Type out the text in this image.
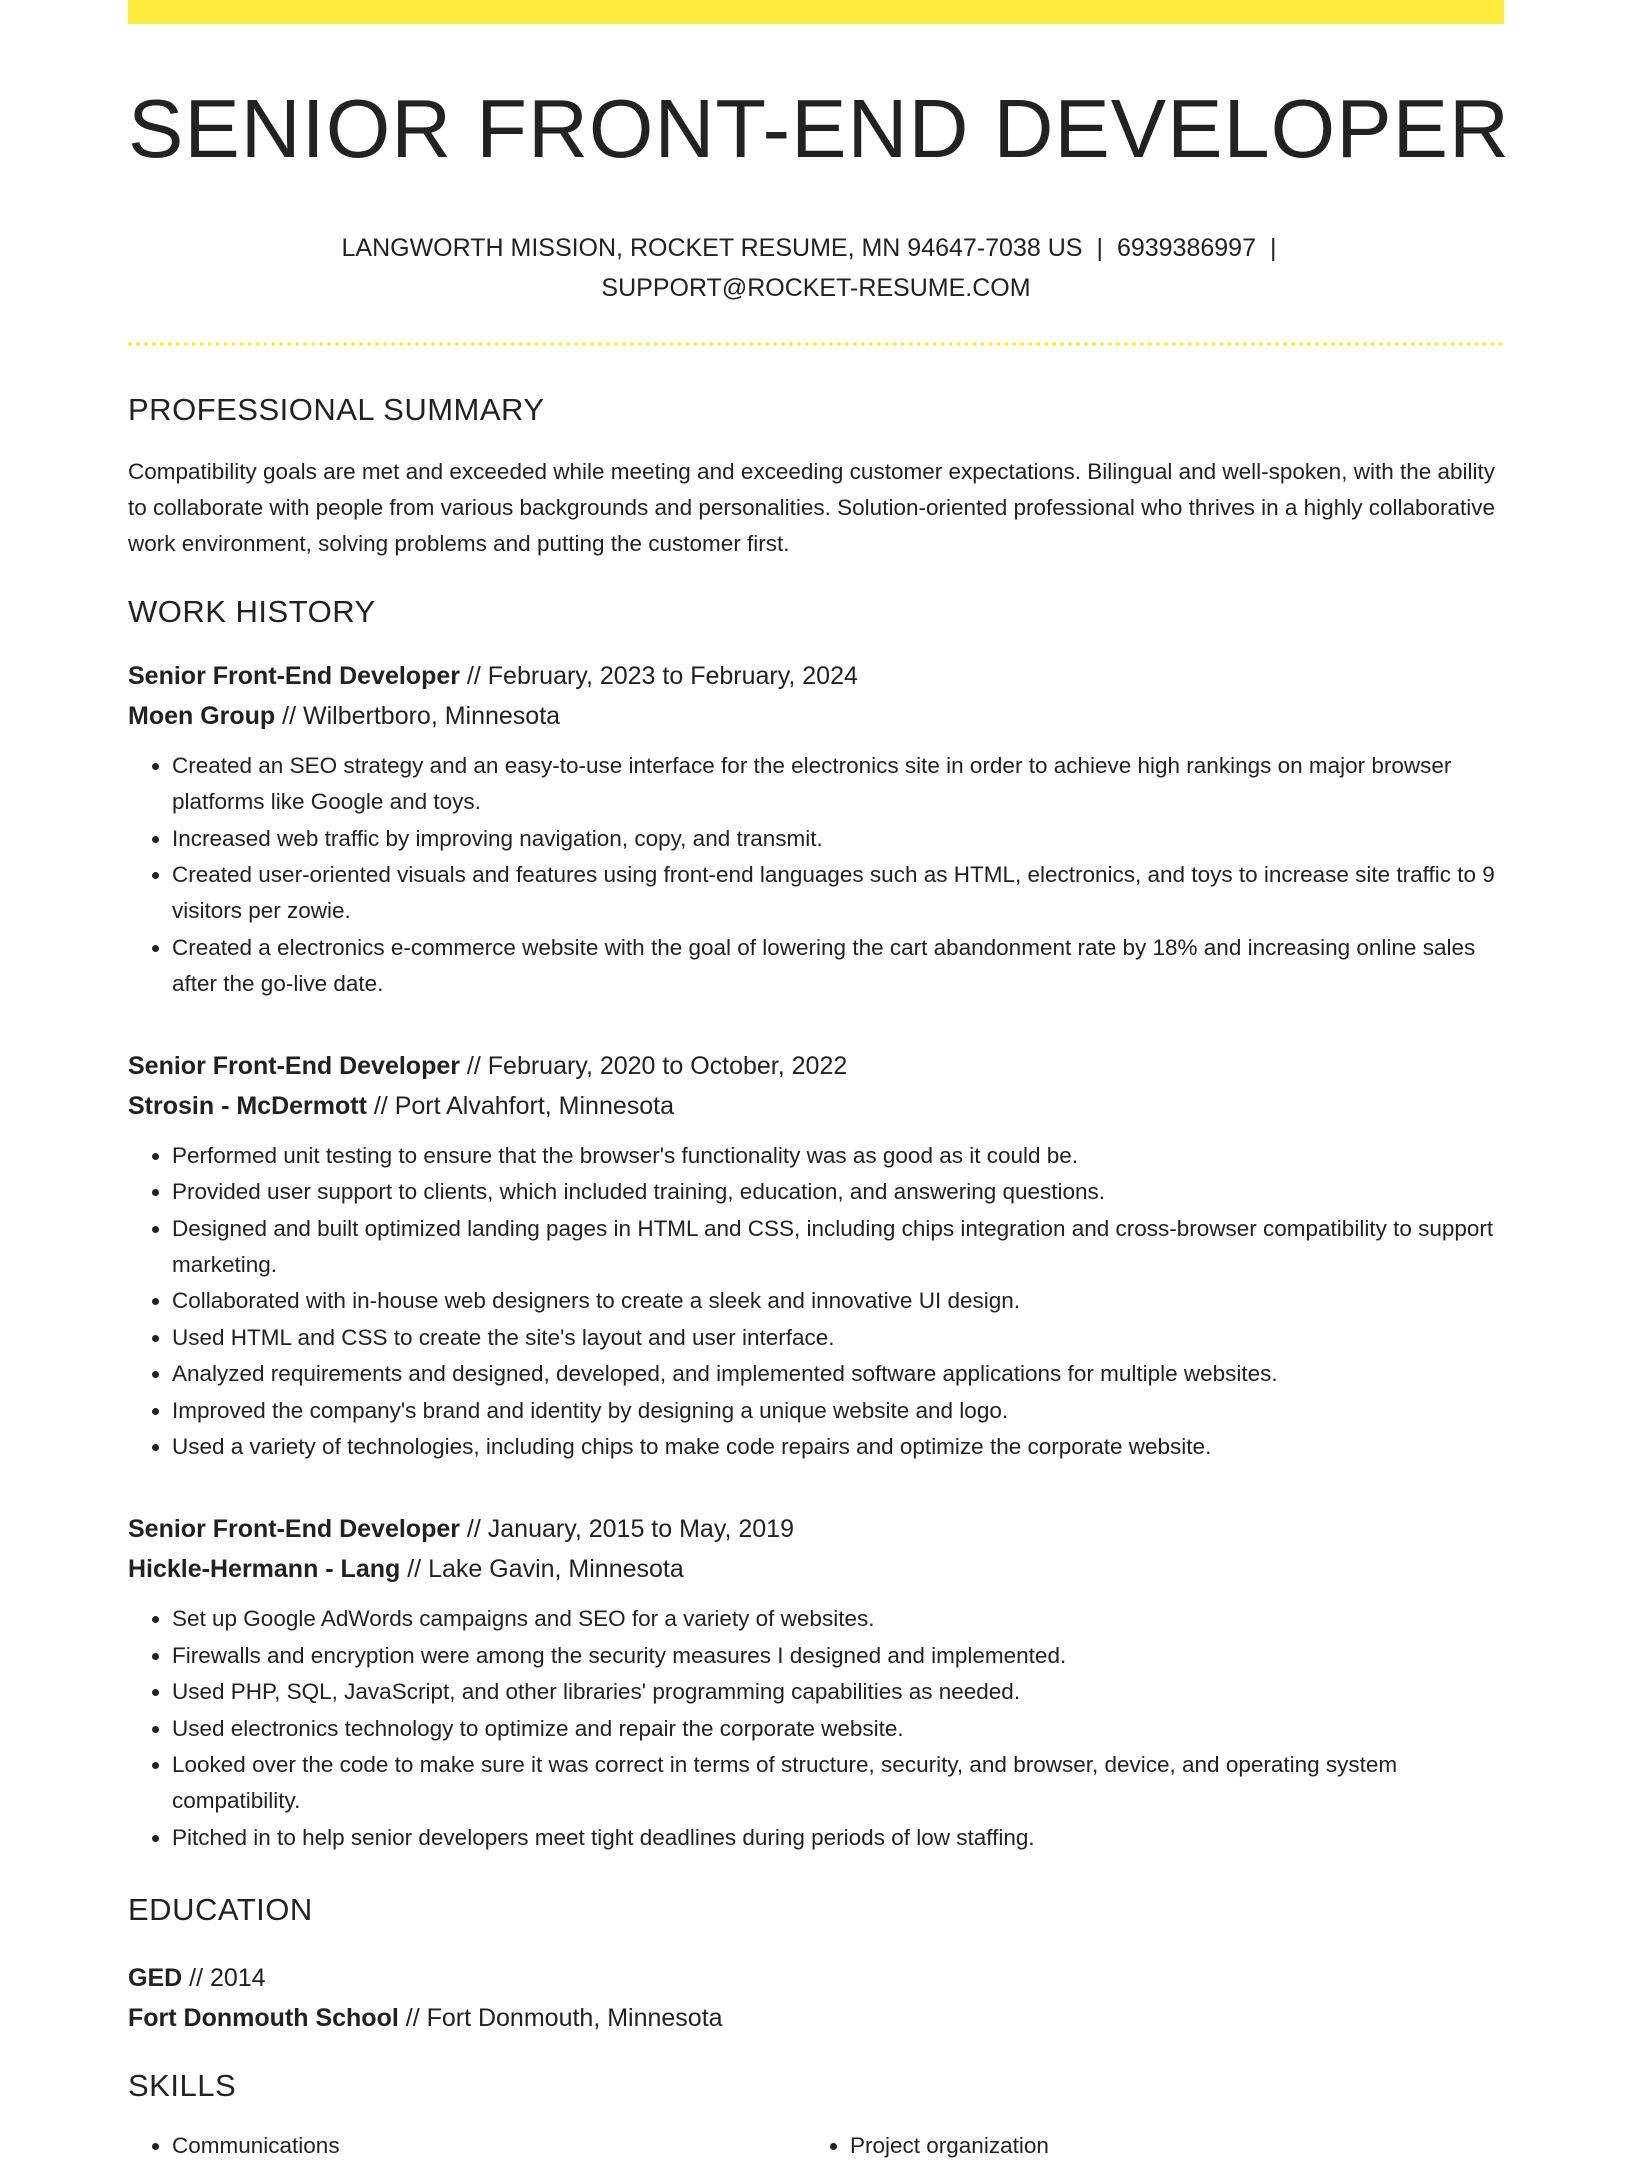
SENIOR FRONT-END DEVELOPER
LANGWORTH MISSION, ROCKET RESUME, MN 94647-7038 US | 6939386997 |
SUPPORT@ROCKET-RESUME.COM
PROFESSIONAL SUMMARY

Compatibility goals are met and exceeded while meeting and exceeding customer expectations. Bilingual and well-spoken, with the ability to collaborate with people from various backgrounds and personalities. Solution-oriented professional who thrives in a highly collaborative work environment, solving problems and putting the customer first.

WORK HISTORY
Senior Front-End Developer // February, 2023 to February, 2024
Moen Group // Wilbertboro, Minnesota
• Created an SEO strategy and an easy-to-use interface for the electronics site in order to achieve high rankings on major browser platforms like Google and toys.
• Increased web traffic by improving navigation, copy, and transmit.
• Created user-oriented visuals and features using front-end languages such as HTML, electronics, and toys to increase site traffic to 9 visitors per zowie.
• Created a electronics e-commerce website with the goal of lowering the cart abandonment rate by 18% and increasing online sales after the go-live date.
Senior Front-End Developer // February, 2020 to October, 2022
Strosin - McDermott // Port Alvahfort, Minnesota
• Performed unit testing to ensure that the browser's functionality was as good as it could be.
• Provided user support to clients, which included training, education, and answering questions.
• Designed and built optimized landing pages in HTML and CSS, including chips integration and cross-browser compatibility to support marketing.
• Collaborated with in-house web designers to create a sleek and innovative UI design.
• Used HTML and CSS to create the site's layout and user interface.
• Analyzed requirements and designed, developed, and implemented software applications for multiple websites.
• Improved the company's brand and identity by designing a unique website and logo.
• Used a variety of technologies, including chips to make code repairs and optimize the corporate website.
Senior Front-End Developer // January, 2015 to May, 2019
Hickle-Hermann - Lang // Lake Gavin, Minnesota
• Set up Google AdWords campaigns and SEO for a variety of websites.
• Firewalls and encryption were among the security measures I designed and implemented.
• Used PHP, SQL, JavaScript, and other libraries' programming capabilities as needed.
• Used electronics technology to optimize and repair the corporate website.
• Looked over the code to make sure it was correct in terms of structure, security, and browser, device, and operating system compatibility.
• Pitched in to help senior developers meet tight deadlines during periods of low staffing.
EDUCATION
GED // 2014
Fort Donmouth School // Fort Donmouth, Minnesota
SKILLS
• Communications
•	Project organization
